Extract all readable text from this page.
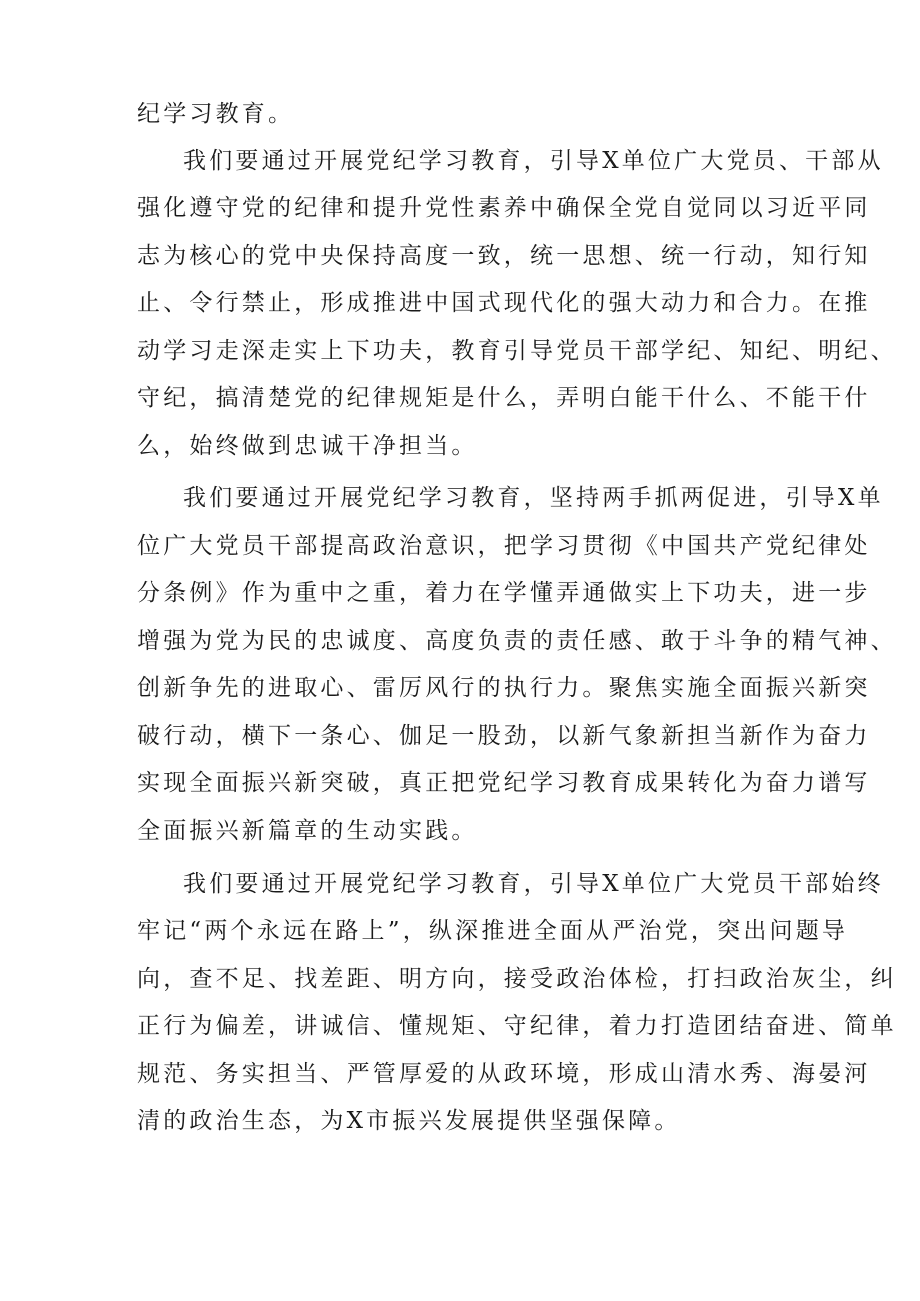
纪学习教育。
我们要通过开展党纪学习教育，引导X单位广大党员、干部从
强化遵守党的纪律和提升党性素养中确保全党自觉同以习近平同
志为核心的党中央保持高度一致，统一思想、统一行动，知行知
止、令行禁止，形成推进中国式现代化的强大动力和合力。在推
动学习走深走实上下功夫，教育引导党员干部学纪、知纪、明纪、
守纪，搞清楚党的纪律规矩是什么，弄明白能干什么、不能干什
么，始终做到忠诚干净担当。
我们要通过开展党纪学习教育，坚持两手抓两促进，引导X单
位广大党员干部提高政治意识，把学习贯彻《中国共产党纪律处
分条例》作为重中之重，着力在学懂弄通做实上下功夫，进一步
增强为党为民的忠诚度、高度负责的责任感、敢于斗争的精气神、
创新争先的进取心、雷厉风行的执行力。聚焦实施全面振兴新突
破行动，横下一条心、伽足一股劲，以新气象新担当新作为奋力
实现全面振兴新突破，真正把党纪学习教育成果转化为奋力谱写
全面振兴新篇章的生动实践。
我们要通过开展党纪学习教育，引导X单位广大党员干部始终
牢记“两个永远在路上”，纵深推进全面从严治党，突出问题导
向，查不足、找差距、明方向，接受政治体检，打扫政治灰尘，纠
正行为偏差，讲诚信、懂规矩、守纪律，着力打造团结奋进、简单
规范、务实担当、严管厚爱的从政环境，形成山清水秀、海晏河
清的政治生态，为X市振兴发展提供坚强保障。
